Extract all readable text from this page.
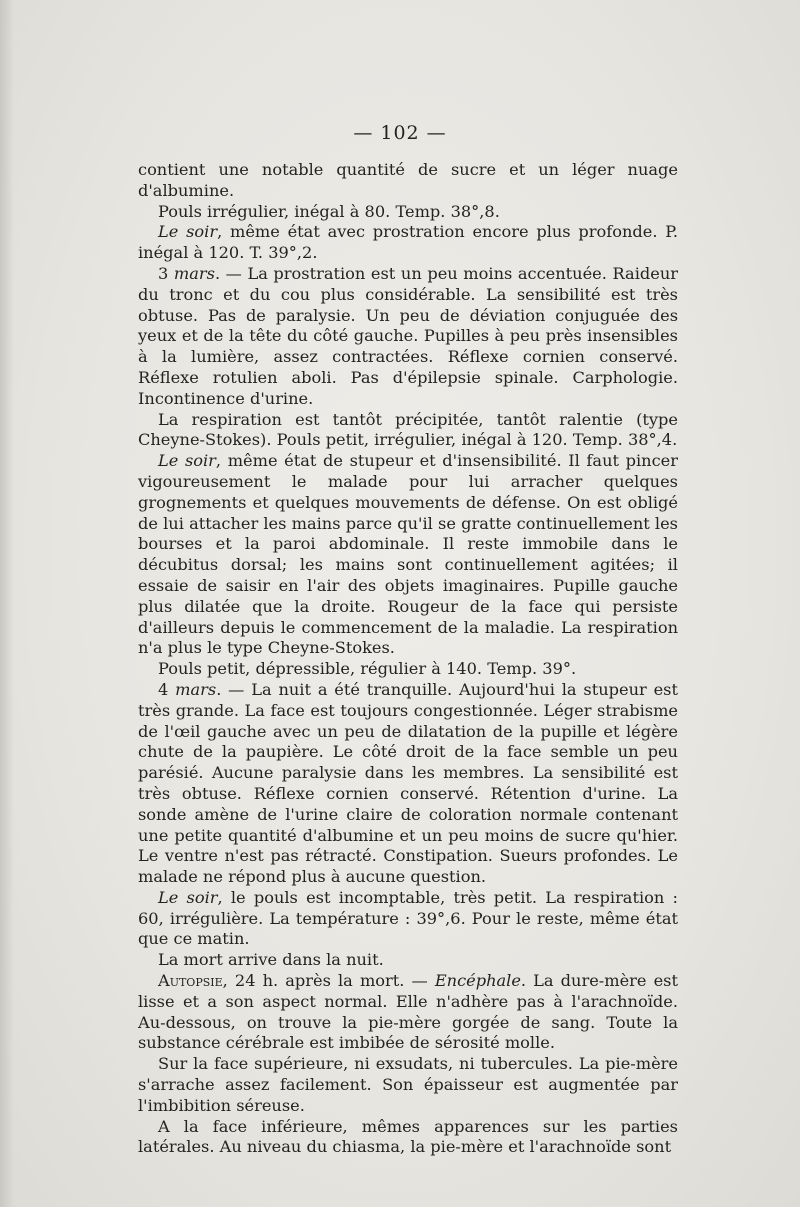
— 102 —

contient une notable quantité de sucre et un léger nuage d'albumine.

Pouls irrégulier, inégal à 80. Temp. 38°,8.

Le soir, même état avec prostration encore plus profonde. P. inégal à 120. T. 39°,2.

3 mars. — La prostration est un peu moins accentuée. Raideur du tronc et du cou plus considérable. La sensibilité est très obtuse. Pas de paralysie. Un peu de déviation conjuguée des yeux et de la tête du côté gauche. Pupilles à peu près insensibles à la lumière, assez contractées. Réflexe cornien conservé. Réflexe rotulien aboli. Pas d'épilepsie spinale. Carphologie. Incontinence d'urine.

La respiration est tantôt précipitée, tantôt ralentie (type Cheyne-Stokes). Pouls petit, irrégulier, inégal à 120. Temp. 38°,4.

Le soir, même état de stupeur et d'insensibilité. Il faut pincer vigoureusement le malade pour lui arracher quelques grognements et quelques mouvements de défense. On est obligé de lui attacher les mains parce qu'il se gratte continuellement les bourses et la paroi abdominale. Il reste immobile dans le décubitus dorsal; les mains sont continuellement agitées; il essaie de saisir en l'air des objets imaginaires. Pupille gauche plus dilatée que la droite. Rougeur de la face qui persiste d'ailleurs depuis le commencement de la maladie. La respiration n'a plus le type Cheyne-Stokes.

Pouls petit, dépressible, régulier à 140. Temp. 39°.

4 mars. — La nuit a été tranquille. Aujourd'hui la stupeur est très grande. La face est toujours congestionnée. Léger strabisme de l'œil gauche avec un peu de dilatation de la pupille et légère chute de la paupière. Le côté droit de la face semble un peu parésié. Aucune paralysie dans les membres. La sensibilité est très obtuse. Réflexe cornien conservé. Rétention d'urine. La sonde amène de l'urine claire de coloration normale contenant une petite quantité d'albumine et un peu moins de sucre qu'hier. Le ventre n'est pas rétracté. Constipation. Sueurs profondes. Le malade ne répond plus à aucune question.

Le soir, le pouls est incomptable, très petit. La respiration : 60, irrégulière. La température : 39°,6. Pour le reste, même état que ce matin.

La mort arrive dans la nuit.

Autopsie, 24 h. après la mort. — Encéphale. La dure-mère est lisse et a son aspect normal. Elle n'adhère pas à l'arachnoïde. Au-dessous, on trouve la pie-mère gorgée de sang. Toute la substance cérébrale est imbibée de sérosité molle.

Sur la face supérieure, ni exsudats, ni tubercules. La pie-mère s'arrache assez facilement. Son épaisseur est augmentée par l'imbibition séreuse.

A la face inférieure, mêmes apparences sur les parties latérales. Au niveau du chiasma, la pie-mère et l'arachnoïde sont
